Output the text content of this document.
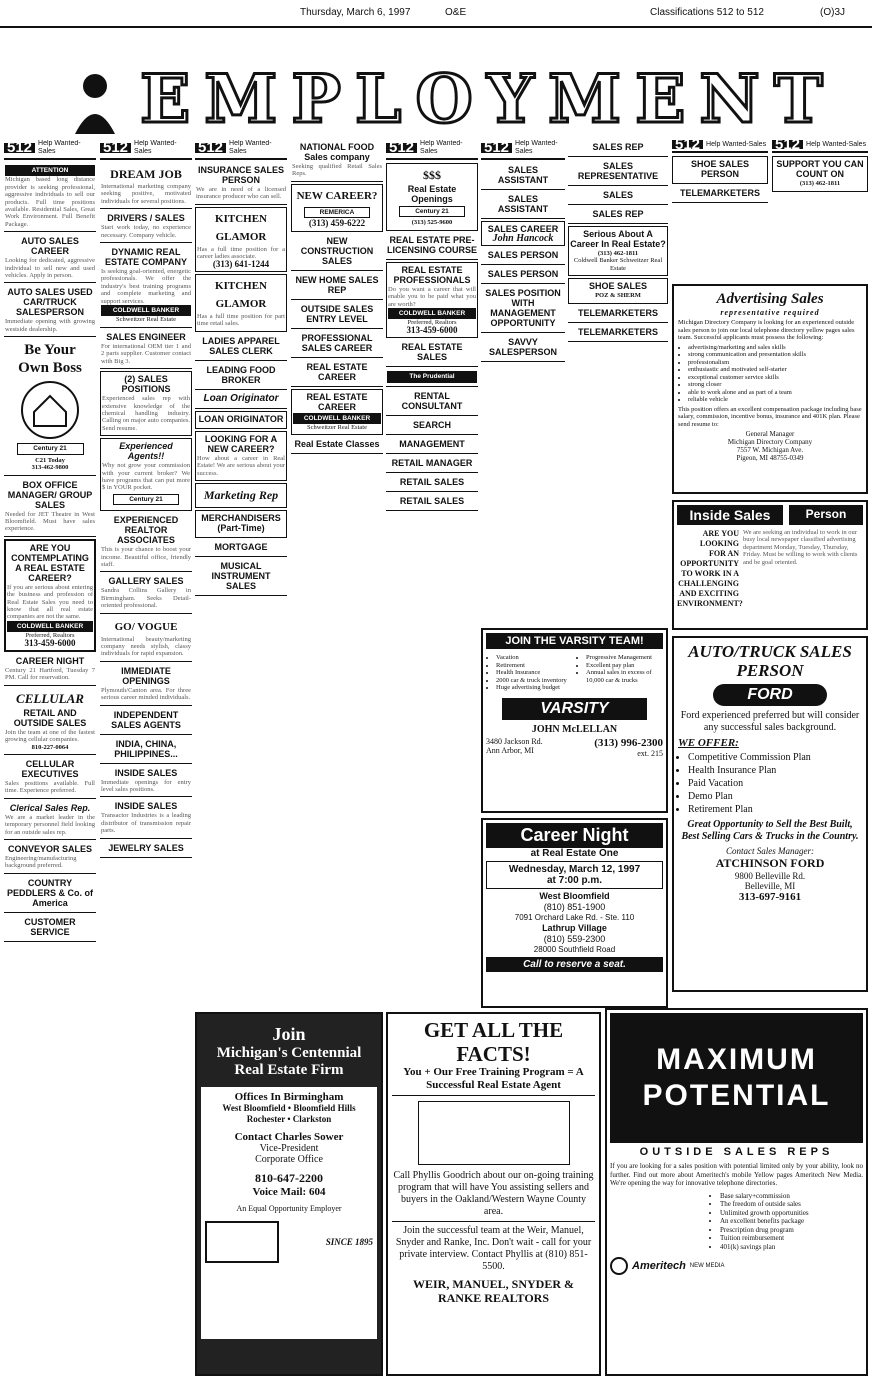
Thursday, March 6, 1997	O&E	Classifications 512 to 512	(O)3J
EMPLOYMENT
512 Help Wanted-Sales
ATTENTION

Michigan based long distance provider is seeking professional, aggressive individuals to sell our products. Full time positions available. Residential Sales, Great Work Environment. Full Benefit Package.

AUTO SALES CAREER

Looking for dedicated, aggressive individual to sell new and used vehicles. Apply in person.

AUTO SALES USED CAR/TRUCK SALESPERSON

Immediate opening with growing westside dealership.

Be Your
Own Boss
Century 21
C21 Today
313-462-9800
BOX OFFICE MANAGER/ GROUP SALES

Needed for JET Theatre in West Bloomfield. Must have sales experience.

ARE YOU CONTEMPLATING A REAL ESTATE CAREER?

If you are serious about entering the business and profession of Real Estate Sales you need to know that all real estate companies are not the same.

COLDWELL BANKER
Preferred, Realtors
313-459-6000
CAREER NIGHT

Century 21 Hartford, Tuesday 7 PM. Call for reservation.

CELLULAR
RETAIL AND OUTSIDE SALES

Join the team at one of the fastest growing cellular companies.

810-227-0064
CELLULAR EXECUTIVES

Sales positions available. Full time. Experience preferred.

Clerical Sales Rep.

We are a market leader in the temporary personnel field looking for an outside sales rep.

CONVEYOR SALES

Engineering/manufacturing background preferred.

COUNTRY PEDDLERS & Co. of America
CUSTOMER SERVICE
512 Help Wanted-Sales
DREAM JOB

International marketing company seeking positive, motivated individuals for several positions.

DRIVERS / SALES

Start work today, no experience necessary. Company vehicle.

DYNAMIC REAL ESTATE COMPANY

Is seeking goal-oriented, energetic professionals. We offer the industry's best training programs and complete marketing and support services.

COLDWELL BANKER
Schweitzer Real Estate
SALES ENGINEER

For international OEM tier 1 and 2 parts supplier. Customer contact with Big 3.

(2) SALES POSITIONS

Experienced sales rep with extensive knowledge of the chemical handling industry. Calling on major auto companies. Send resume.

Experienced Agents!!

Why not grow your commission with your current broker? We have programs that can put more $ in YOUR pocket.

Century 21
EXPERIENCED REALTOR ASSOCIATES

This is your chance to boost your income. Beautiful office, friendly staff.

GALLERY SALES

Sandra Collins Gallery in Birmingham. Seeks Detail-oriented professional.

GO/ VOGUE

International beauty/marketing company needs stylish, classy individuals for rapid expansion.

IMMEDIATE OPENINGS

Plymouth/Canton area. For three serious career minded individuals.

INDEPENDENT SALES AGENTS
INDIA, CHINA, PHILIPPINES...
INSIDE SALES

Immediate openings for entry level sales positions.

INSIDE SALES

Transactor Industries is a leading distributor of transmission repair parts.

JEWELRY SALES
512 Help Wanted-Sales
INSURANCE SALES PERSON

We are in need of a licensed insurance producer who can sell.

KITCHEN GLAMOR

Has a full time position for a career ladies associate.

(313) 641-1244
KITCHEN GLAMOR

Has a full time position for part time retail sales.

LADIES APPAREL SALES CLERK
LEADING FOOD BROKER
Loan Originator
LOAN ORIGINATOR
LOOKING FOR A NEW CAREER?

How about a career in Real Estate! We are serious about your success.

Marketing Rep
MERCHANDISERS (Part-Time)
MORTGAGE
MUSICAL INSTRUMENT SALES
NATIONAL FOOD Sales company

Seeking qualified Retail Sales Reps.

NEW CAREER?
REMERICA
(313) 459-6222
NEW CONSTRUCTION SALES
NEW HOME SALES REP
OUTSIDE SALES ENTRY LEVEL
PROFESSIONAL SALES CAREER
REAL ESTATE CAREER
REAL ESTATE CAREER
COLDWELL BANKER
Schweitzer Real Estate
Real Estate Classes
512 Help Wanted-Sales
$$$
Real Estate Openings
Century 21
(313) 525-9600
REAL ESTATE PRE-LICENSING COURSE
REAL ESTATE PROFESSIONALS

Do you want a career that will enable you to be paid what you are worth?

COLDWELL BANKER
Preferred, Realtors
313-459-6000
REAL ESTATE SALES
The Prudential
RENTAL CONSULTANT
SEARCH
MANAGEMENT
RETAIL MANAGER
RETAIL SALES
RETAIL SALES
512 Help Wanted-Sales
SALES ASSISTANT
SALES ASSISTANT
SALES CAREER
John Hancock
SALES PERSON
SALES PERSON
SALES POSITION WITH MANAGEMENT OPPORTUNITY
SAVVY SALESPERSON
SALES REP
SALES REPRESENTATIVE
SALES
SALES REP
Serious About A Career In Real Estate?
(313) 462-1811
Coldwell Banker Schweitzer Real Estate
SHOE SALES
POZ & SHERM
TELEMARKETERS
TELEMARKETERS
512 Help Wanted-Sales
SHOE SALES PERSON
TELEMARKETERS
512 Help Wanted-Sales
SUPPORT YOU CAN COUNT ON
(313) 462-1811
Advertising Sales
representative required

Michigan Directory Company is looking for an experienced outside sales person to join our local telephone directory yellow pages sales team. Successful applicants must possess the following:

• advertising/marketing and sales skills
• strong communication and presentation skills
• professionalism
• enthusiastic and motivated self-starter
• exceptional customer service skills
• strong closer
• able to work alone and as part of a team
• reliable vehicle

This position offers an excellent compensation package including base salary, commission, incentive bonus, insurance and 401K plan. Please send resume to:

General Manager
Michigan Directory Company
7557 W. Michigan Ave.
Pigeon, MI 48755-0349
Inside Sales	Person
ARE YOU
LOOKING
FOR AN
OPPORTUNITY
TO WORK IN A
CHALLENGING
AND EXCITING
ENVIRONMENT?

We are seeking an individual to work in our busy local newspaper classified advertising department Monday, Tuesday, Thursday, Friday. Must be willing to work with clients and be goal oriented.

JOIN THE VARSITY TEAM!
• Vacation
• Retirement
• Health Insurance
• 2000 car & truck inventory
• Huge advertising budget
• Progressive Management
• Excellent pay plan
• Annual sales in excess of 10,000 car & trucks
VARSITY
JOHN McLELLAN
3480 Jackson Rd.
Ann Arbor, MI
(313) 996-2300
ext. 215
AUTO/TRUCK SALES PERSON
FORD

Ford experienced preferred but will consider any successful sales background.

WE OFFER:
• Competitive Commission Plan
• Health Insurance Plan
• Paid Vacation
• Demo Plan
• Retirement Plan

Great Opportunity to Sell the Best Built, Best Selling Cars & Trucks in the Country.

Contact Sales Manager:
ATCHINSON FORD
9800 Belleville Rd.
Belleville, MI
313-697-9161
Career Night
at Real Estate One
Wednesday, March 12, 1997
at 7:00 p.m.
West Bloomfield
(810) 851-1900
7091 Orchard Lake Rd. - Ste. 110
Lathrup Village
(810) 559-2300
28000 Southfield Road
Call to reserve a seat.
Join
Michigan's Centennial Real Estate Firm
Offices In Birmingham
West Bloomfield • Bloomfield Hills Rochester • Clarkston
Contact Charles Sower
Vice-President
Corporate Office
810-647-2200
Voice Mail: 604
An Equal Opportunity Employer
SINCE 1895
GET ALL THE FACTS!
You + Our Free Training Program = A Successful Real Estate Agent

Call Phyllis Goodrich about our on-going training program that will have You assisting sellers and buyers in the Oakland/Western Wayne County area.

Join the successful team at the Weir, Manuel, Snyder and Ranke, Inc. Don't wait - call for your private interview. Contact Phyllis at (810) 851-5500.

WEIR, MANUEL, SNYDER & RANKE REALTORS
MAXIMUM POTENTIAL
OUTSIDE SALES REPS

If you are looking for a sales position with potential limited only by your ability, look no further. Find out more about Ameritech's mobile Yellow pages Ameritech New Media. We're opening the way for innovative telephone directories.

• Base salary+commission
• The freedom of outside sales
• Unlimited growth opportunities
• An excellent benefits package
• Prescription drug program
• Tuition reimbursement
• 401(k) savings plan
Ameritech NEW MEDIA
